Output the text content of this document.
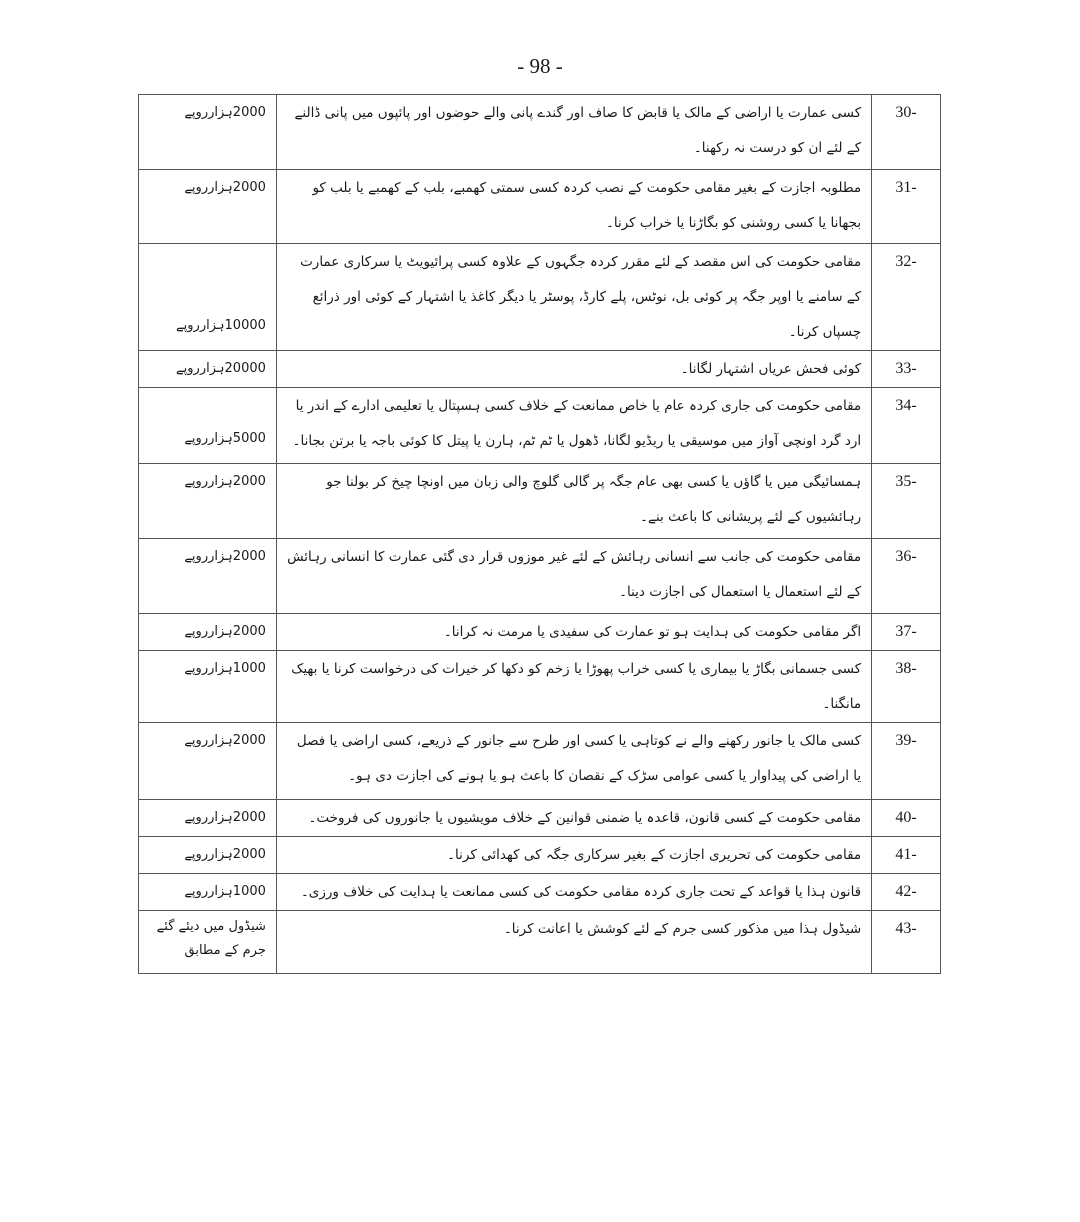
- 98 -
2000ہزارروپے	کسی عمارت یا اراضی کے مالک یا قابض کا صاف اور گندے پانی والے حوضوں اور پائپوں میں پانی ڈالنے کے لئے ان کو درست نہ رکھنا۔	30-

2000ہزارروپے	مطلوبہ اجازت کے بغیر مقامی حکومت کے نصب کردہ کسی سمتی کھمبے، بلب کے کھمبے یا بلب کو بجھانا یا کسی روشنی کو بگاڑنا یا خراب کرنا۔	31-

10000ہزارروپے	مقامی حکومت کی اس مقصد کے لئے مقرر کردہ جگہوں کے علاوہ کسی پرائیویٹ یا سرکاری عمارت کے سامنے یا اوپر جگہ پر کوئی بل، نوٹس، پلے کارڈ، پوسٹر یا دیگر کاغذ یا اشتہار کے کوئی اور ذرائع چسپاں کرنا۔	32-

20000ہزارروپے	کوئی فحش عریاں اشتہار لگانا۔	33-

5000ہزارروپے	مقامی حکومت کی جاری کردہ عام یا خاص ممانعت کے خلاف کسی ہسپتال یا تعلیمی ادارے کے اندر یا ارد گرد اونچی آواز میں موسیقی یا ریڈیو لگانا، ڈھول یا ٹم ٹم، ہارن یا پیتل کا کوئی باجہ یا برتن بجانا۔	34-

2000ہزارروپے	ہمسائیگی میں یا گاؤں یا کسی بھی عام جگہ پر گالی گلوچ والی زبان میں اونچا چیخ کر بولنا جو رہائشیوں کے لئے پریشانی کا باعث بنے۔	35-

2000ہزارروپے	مقامی حکومت کی جانب سے انسانی رہائش کے لئے غیر موزوں قرار دی گئی عمارت کا انسانی رہائش کے لئے استعمال یا استعمال کی اجازت دینا۔	36-

2000ہزارروپے	اگر مقامی حکومت کی ہدایت ہو تو عمارت کی سفیدی یا مرمت نہ کرانا۔	37-

1000ہزارروپے	کسی جسمانی بگاڑ یا بیماری یا کسی خراب پھوڑا یا زخم کو دکھا کر خیرات کی درخواست کرنا یا بھیک مانگنا۔	38-

2000ہزارروپے	کسی مالک یا جانور رکھنے والے نے کوتاہی یا کسی اور طرح سے جانور کے ذریعے، کسی اراضی یا فصل یا اراضی کی پیداوار یا کسی عوامی سڑک کے نقصان کا باعث ہو یا ہونے کی اجازت دی ہو۔	39-

2000ہزارروپے	مقامی حکومت کے کسی قانون، قاعدہ یا ضمنی قوانین کے خلاف مویشیوں یا جانوروں کی فروخت۔	40-

2000ہزارروپے	مقامی حکومت کی تحریری اجازت کے بغیر سرکاری جگہ کی کھدائی کرنا۔	41-

1000ہزارروپے	قانون ہذا یا قواعد کے تحت جاری کردہ مقامی حکومت کی کسی ممانعت یا ہدایت کی خلاف ورزی۔	42-

شیڈول میں دیئے گئے جرم کے مطابق	شیڈول ہذا میں مذکور کسی جرم کے لئے کوشش یا اعانت کرنا۔	43-
